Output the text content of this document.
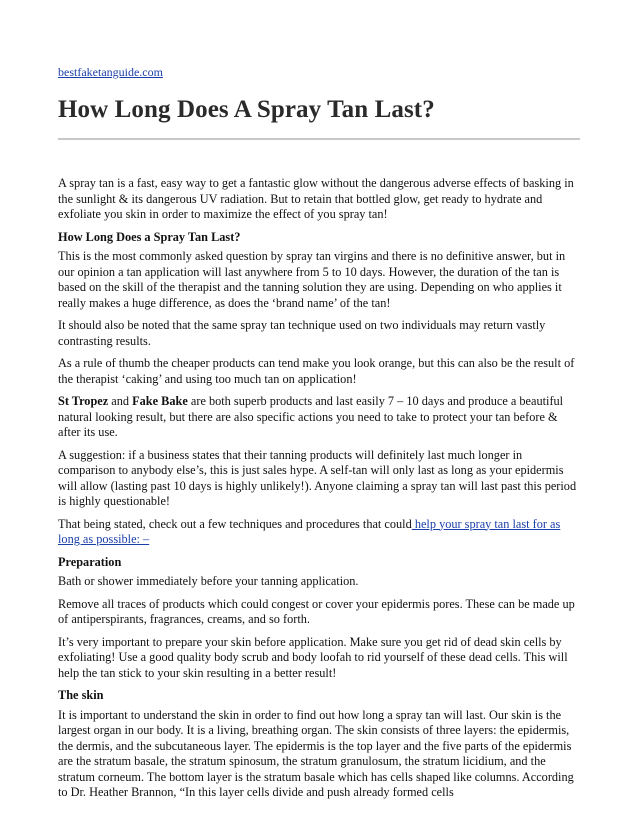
bestfaketanguide.com
How Long Does A Spray Tan Last?

A spray tan is a fast, easy way to get a fantastic glow without the dangerous adverse effects of basking in the sunlight & its dangerous UV radiation. But to retain that bottled glow, get ready to hydrate and exfoliate you skin in order to maximize the effect of you spray tan!

How Long Does a Spray Tan Last?

This is the most commonly asked question by spray tan virgins and there is no definitive answer, but in our opinion a tan application will last anywhere from 5 to 10 days. However, the duration of the tan is based on the skill of the therapist and the tanning solution they are using. Depending on who applies it really makes a huge difference, as does the ‘brand name’ of the tan!

It should also be noted that the same spray tan technique used on two individuals may return vastly contrasting results.

As a rule of thumb the cheaper products can tend make you look orange, but this can also be the result of the therapist ‘caking’ and using too much tan on application!

St Tropez and Fake Bake are both superb products and last easily 7 – 10 days and produce a beautiful natural looking result, but there are also specific actions you need to take to protect your tan before & after its use.

A suggestion: if a business states that their tanning products will definitely last much longer in comparison to anybody else’s, this is just sales hype. A self-tan will only last as long as your epidermis will allow (lasting past 10 days is highly unlikely!). Anyone claiming a spray tan will last past this period is highly questionable!

That being stated, check out a few techniques and procedures that could help your spray tan last for as long as possible: –

Preparation

Bath or shower immediately before your tanning application.

Remove all traces of products which could congest or cover your epidermis pores. These can be made up of antiperspirants, fragrances, creams, and so forth.

It’s very important to prepare your skin before application. Make sure you get rid of dead skin cells by exfoliating! Use a good quality body scrub and body loofah to rid yourself of these dead cells. This will help the tan stick to your skin resulting in a better result!

The skin

It is important to understand the skin in order to find out how long a spray tan will last. Our skin is the largest organ in our body. It is a living, breathing organ. The skin consists of three layers: the epidermis, the dermis, and the subcutaneous layer. The epidermis is the top layer and the five parts of the epidermis are the stratum basale, the stratum spinosum, the stratum granulosum, the stratum licidium, and the stratum corneum. The bottom layer is the stratum basale which has cells shaped like columns. According to Dr. Heather Brannon, “In this layer cells divide and push already formed cells
